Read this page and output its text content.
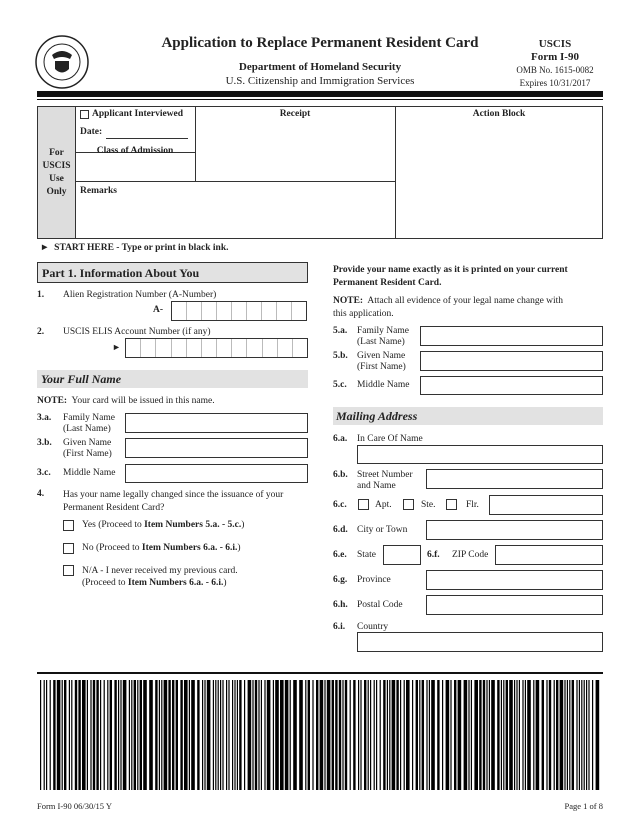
Application to Replace Permanent Resident Card
Department of Homeland Security
U.S. Citizenship and Immigration Services
USCIS
Form I-90
OMB No. 1615-0082
Expires 10/31/2017
For
USCIS
Use
Only
Applicant Interviewed
Date:
Class of Admission
Receipt	Action Block
Remarks
►  START HERE - Type or print in black ink.
Part 1. Information About You
1. Alien Registration Number (A-Number)
A-
2. USCIS ELIS Account Number (if any)
►
Your Full Name
NOTE: Your card will be issued in this name.
3.a. Family Name
(Last Name)
3.b. Given Name
(First Name)
3.c. Middle Name
4. Has your name legally changed since the issuance of your
Permanent Resident Card?
Yes (Proceed to Item Numbers 5.a. - 5.c.)
No (Proceed to Item Numbers 6.a. - 6.i.)
N/A - I never received my previous card.
(Proceed to Item Numbers 6.a. - 6.i.)
Provide your name exactly as it is printed on your current
Permanent Resident Card.
NOTE: Attach all evidence of your legal name change with
this application.
5.a. Family Name
(Last Name)
5.b. Given Name
(First Name)
5.c. Middle Name
Mailing Address
6.a. In Care Of Name
6.b. Street Number
and Name
6.c.	Apt.	Ste.	Flr.
6.d. City or Town
6.e. State	6.f. ZIP Code
6.g. Province
6.h. Postal Code
6.i. Country
Form I-90 06/30/15 Y	Page 1 of 8
